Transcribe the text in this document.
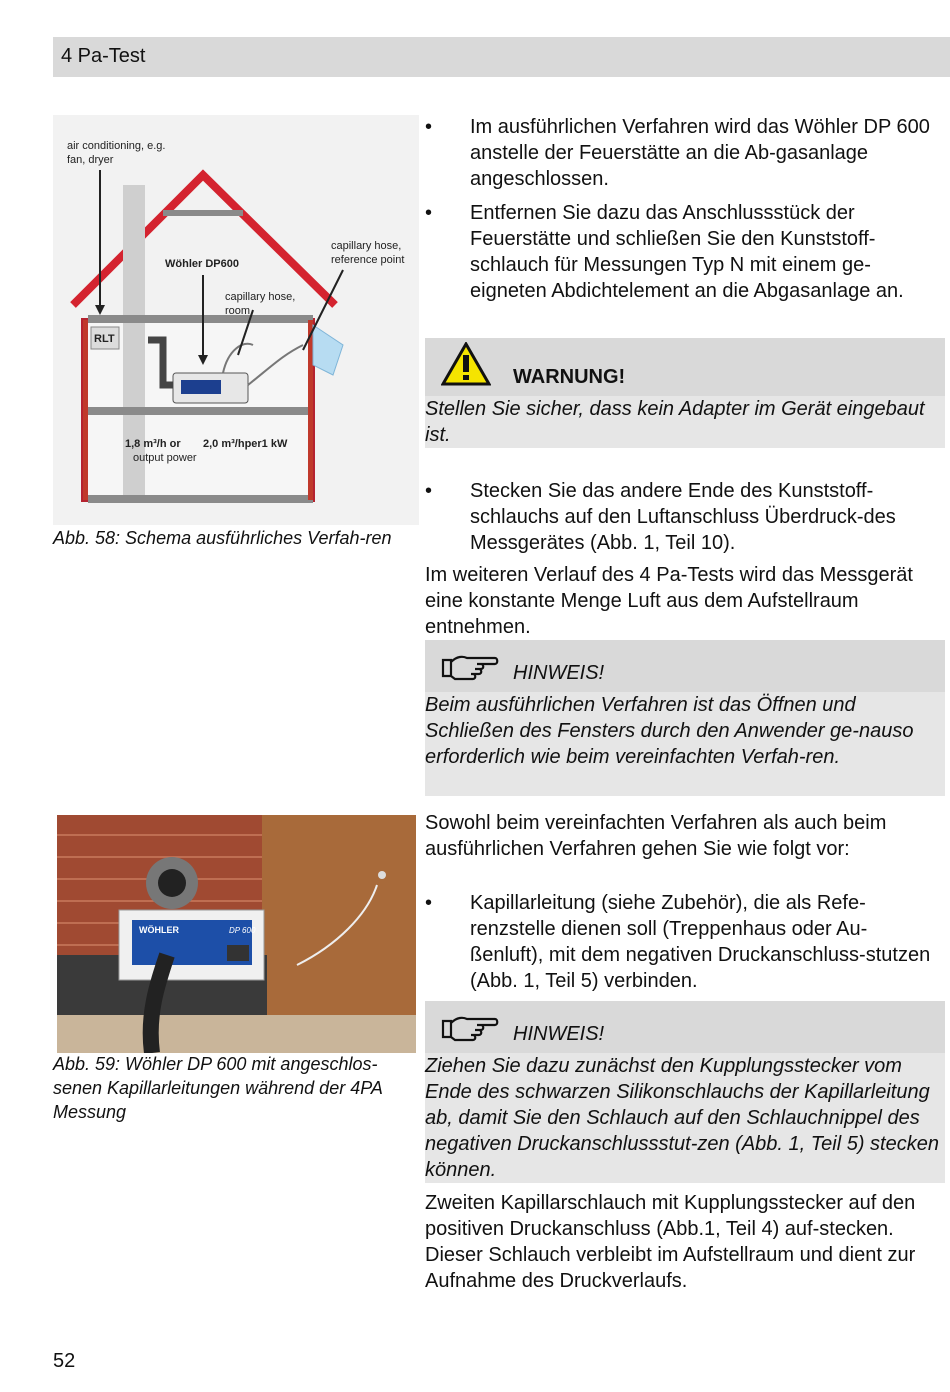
4 Pa-Test
air conditioning, e.g.
fan, dryer
Wöhler DP600
capillary hose,
reference point
capillary hose,
room
RLT
1,8 m³/h or
output power
2,0 m³/hper1 kW
Abb. 58: Schema ausführliches Verfah-ren
WÖHLER	DP 600
Abb. 59: Wöhler DP 600 mit angeschlos-senen Kapillarleitungen während der 4PA Messung
• Im ausführlichen Verfahren wird das Wöhler DP 600 anstelle der Feuerstätte an die Ab-gasanlage angeschlossen.
• Entfernen Sie dazu das Anschlussstück der Feuerstätte und schließen Sie den Kunststoff-schlauch für Messungen Typ N mit einem ge-eigneten Abdichtelement an die Abgasanlage an.
WARNUNG!
Stellen Sie sicher, dass kein Adapter im Gerät eingebaut ist.
• Stecken Sie das andere Ende des Kunststoff-schlauchs auf den Luftanschluss Überdruck-des Messgerätes (Abb. 1, Teil 10).
Im weiteren Verlauf des 4 Pa-Tests wird das Messgerät eine konstante Menge Luft aus dem Aufstellraum entnehmen.
HINWEIS!
Beim ausführlichen Verfahren ist das Öffnen und Schließen des Fensters durch den Anwender ge-nauso erforderlich wie beim vereinfachten Verfah-ren.
Sowohl beim vereinfachten Verfahren als auch beim ausführlichen Verfahren gehen Sie wie folgt vor:
• Kapillarleitung (siehe Zubehör), die als Refe-renzstelle dienen soll (Treppenhaus oder Au-ßenluft), mit dem negativen Druckanschluss-stutzen (Abb. 1, Teil 5) verbinden.
HINWEIS!
Ziehen Sie dazu zunächst den Kupplungsstecker vom Ende des schwarzen Silikonschlauchs der Kapillarleitung ab, damit Sie den Schlauch auf den Schlauchnippel des negativen Druckanschlussstut-zen (Abb. 1, Teil 5) stecken können.
Zweiten Kapillarschlauch mit Kupplungsstecker auf den positiven Druckanschluss (Abb.1, Teil 4) auf-stecken. Dieser Schlauch verbleibt im Aufstellraum und dient zur Aufnahme des Druckverlaufs.
52
